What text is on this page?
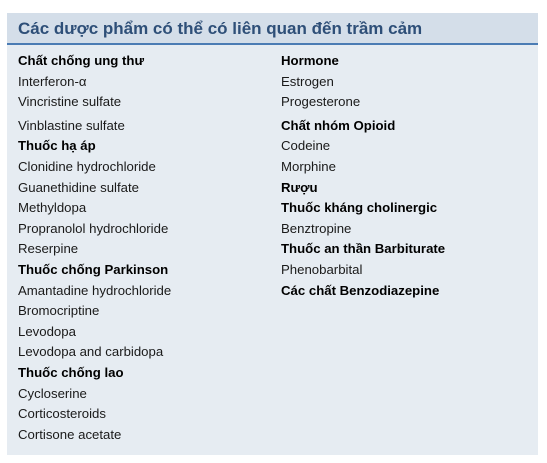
Các dược phẩm có thể có liên quan đến trầm cảm
Chất chống ung thư
Interferon-α
Vincristine sulfate
Vinblastine sulfate
Thuốc hạ áp
Clonidine hydrochloride
Guanethidine sulfate
Methyldopa
Propranolol hydrochloride
Reserpine
Thuốc chống Parkinson
Amantadine hydrochloride
Bromocriptine
Levodopa
Levodopa and carbidopa
Thuốc chống lao
Cycloserine
Corticosteroids
Cortisone acetate
Hormone
Estrogen
Progesterone
Chất nhóm Opioid
Codeine
Morphine
Rượu
Thuốc kháng cholinergic
Benztropine
Thuốc an thần Barbiturate
Phenobarbital
Các chất Benzodiazepine
